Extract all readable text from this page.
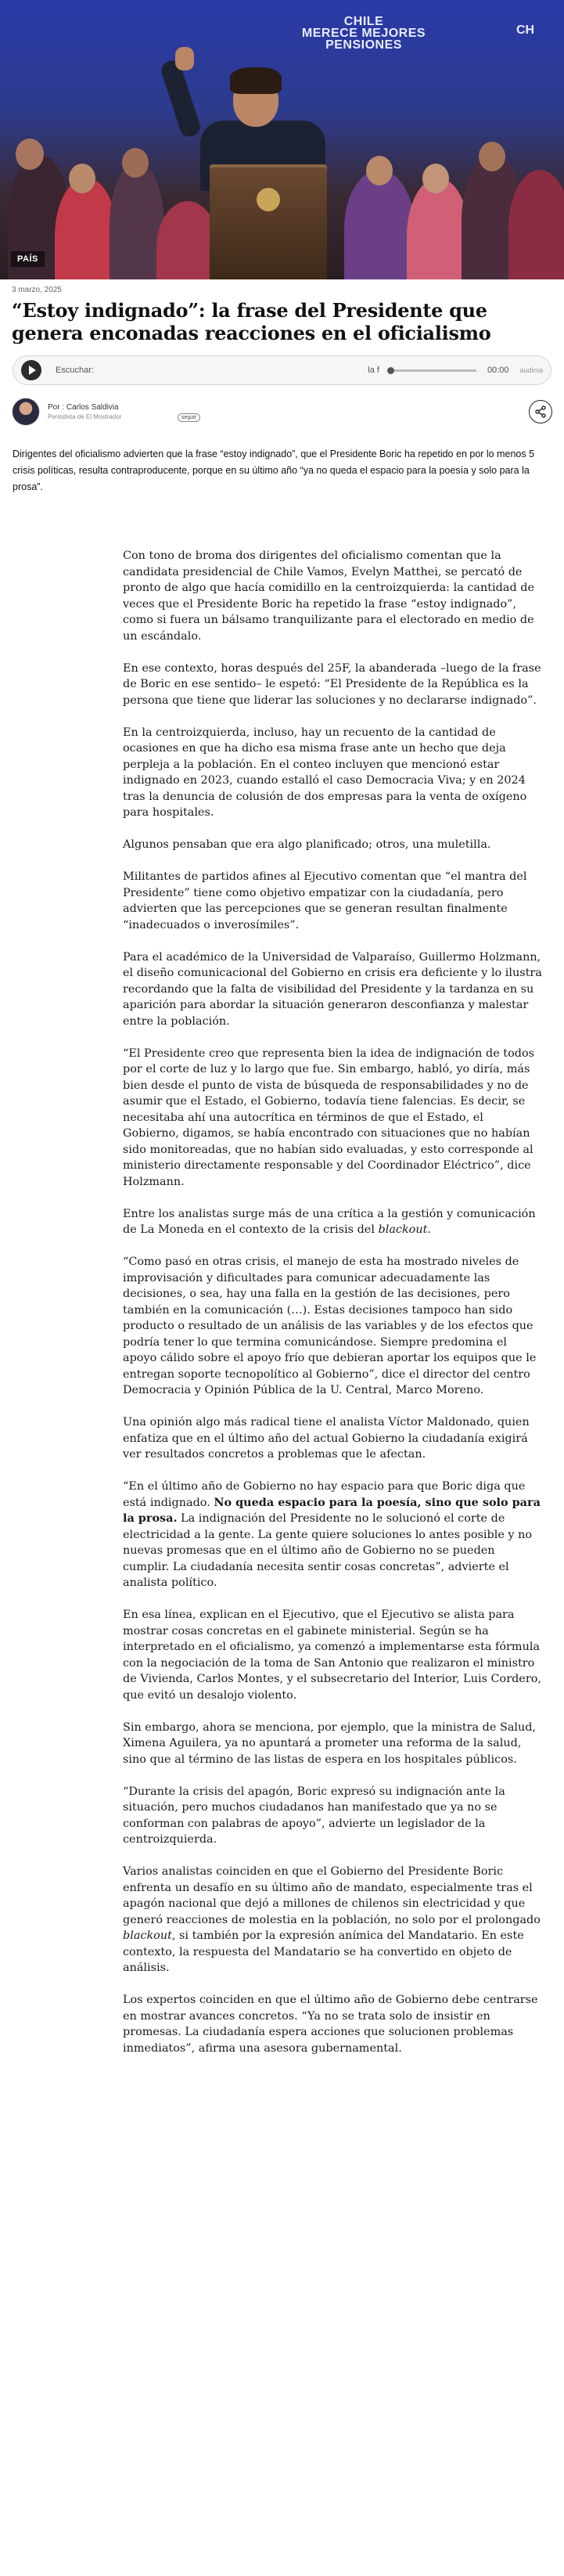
CHILE
MERECE MEJORES
PENSIONES
CH
PAÍS
3 marzo, 2025
“Estoy indignado”: la frase del Presidente que genera enconadas reacciones en el oficialismo
Escuchar:	la f	00:00 audima
Por : Carlos Saldivia
Periodista de El Mostrador	seguir

Dirigentes del oficialismo advierten que la frase “estoy indignado”, que el Presidente Boric ha repetido en por lo menos 5 crisis políticas, resulta contraproducente, porque en su último año “ya no queda el espacio para la poesía y solo para la prosa”.

Con tono de broma dos dirigentes del oficialismo comentan que la candidata presidencial de Chile Vamos, Evelyn Matthei, se percató de pronto de algo que hacía comidillo en la centroizquierda: la cantidad de veces que el Presidente Boric ha repetido la frase “estoy indignado”, como si fuera un bálsamo tranquilizante para el electorado en medio de un escándalo.

En ese contexto, horas después del 25F, la abanderada –luego de la frase de Boric en ese sentido– le espetó: “El Presidente de la República es la persona que tiene que liderar las soluciones y no declararse indignado”.

En la centroizquierda, incluso, hay un recuento de la cantidad de ocasiones en que ha dicho esa misma frase ante un hecho que deja perpleja a la población. En el conteo incluyen que mencionó estar indignado en 2023, cuando estalló el caso Democracia Viva; y en 2024 tras la denuncia de colusión de dos empresas para la venta de oxígeno para hospitales.

Algunos pensaban que era algo planificado; otros, una muletilla.

Militantes de partidos afines al Ejecutivo comentan que “el mantra del Presidente” tiene como objetivo empatizar con la ciudadanía, pero advierten que las percepciones que se generan resultan finalmente “inadecuados o inverosímiles”.

Para el académico de la Universidad de Valparaíso, Guillermo Holzmann, el diseño comunicacional del Gobierno en crisis era deficiente y lo ilustra recordando que la falta de visibilidad del Presidente y la tardanza en su aparición para abordar la situación generaron desconfianza y malestar entre la población.

“El Presidente creo que representa bien la idea de indignación de todos por el corte de luz y lo largo que fue. Sin embargo, habló, yo diría, más bien desde el punto de vista de búsqueda de responsabilidades y no de asumir que el Estado, el Gobierno, todavía tiene falencias. Es decir, se necesitaba ahí una autocrítica en términos de que el Estado, el Gobierno, digamos, se había encontrado con situaciones que no habían sido monitoreadas, que no habían sido evaluadas, y esto corresponde al ministerio directamente responsable y del Coordinador Eléctrico”, dice Holzmann.

Entre los analistas surge más de una crítica a la gestión y comunicación de La Moneda en el contexto de la crisis del blackout.

“Como pasó en otras crisis, el manejo de esta ha mostrado niveles de improvisación y dificultades para comunicar adecuadamente las decisiones, o sea, hay una falla en la gestión de las decisiones, pero también en la comunicación (…). Estas decisiones tampoco han sido producto o resultado de un análisis de las variables y de los efectos que podría tener lo que termina comunicándose. Siempre predomina el apoyo cálido sobre el apoyo frío que debieran aportar los equipos que le entregan soporte tecnopolítico al Gobierno”, dice el director del centro Democracia y Opinión Pública de la U. Central, Marco Moreno.

Una opinión algo más radical tiene el analista Víctor Maldonado, quien enfatiza que en el último año del actual Gobierno la ciudadanía exigirá ver resultados concretos a problemas que le afectan.

“En el último año de Gobierno no hay espacio para que Boric diga que está indignado. No queda espacio para la poesía, sino que solo para la prosa. La indignación del Presidente no le solucionó el corte de electricidad a la gente. La gente quiere soluciones lo antes posible y no nuevas promesas que en el último año de Gobierno no se pueden cumplir. La ciudadanía necesita sentir cosas concretas”, advierte el analista político.

En esa línea, explican en el Ejecutivo, que el Ejecutivo se alista para mostrar cosas concretas en el gabinete ministerial. Según se ha interpretado en el oficialismo, ya comenzó a implementarse esta fórmula con la negociación de la toma de San Antonio que realizaron el ministro de Vivienda, Carlos Montes, y el subsecretario del Interior, Luis Cordero, que evitó un desalojo violento.

Sin embargo, ahora se menciona, por ejemplo, que la ministra de Salud, Ximena Aguilera, ya no apuntará a prometer una reforma de la salud, sino que al término de las listas de espera en los hospitales públicos.

“Durante la crisis del apagón, Boric expresó su indignación ante la situación, pero muchos ciudadanos han manifestado que ya no se conforman con palabras de apoyo”, advierte un legislador de la centroizquierda.

Varios analistas coinciden en que el Gobierno del Presidente Boric enfrenta un desafío en su último año de mandato, especialmente tras el apagón nacional que dejó a millones de chilenos sin electricidad y que generó reacciones de molestia en la población, no solo por el prolongado blackout, si también por la expresión anímica del Mandatario. En este contexto, la respuesta del Mandatario se ha convertido en objeto de análisis.

Los expertos coinciden en que el último año de Gobierno debe centrarse en mostrar avances concretos. “Ya no se trata solo de insistir en promesas. La ciudadanía espera acciones que solucionen problemas inmediatos”, afirma una asesora gubernamental.
